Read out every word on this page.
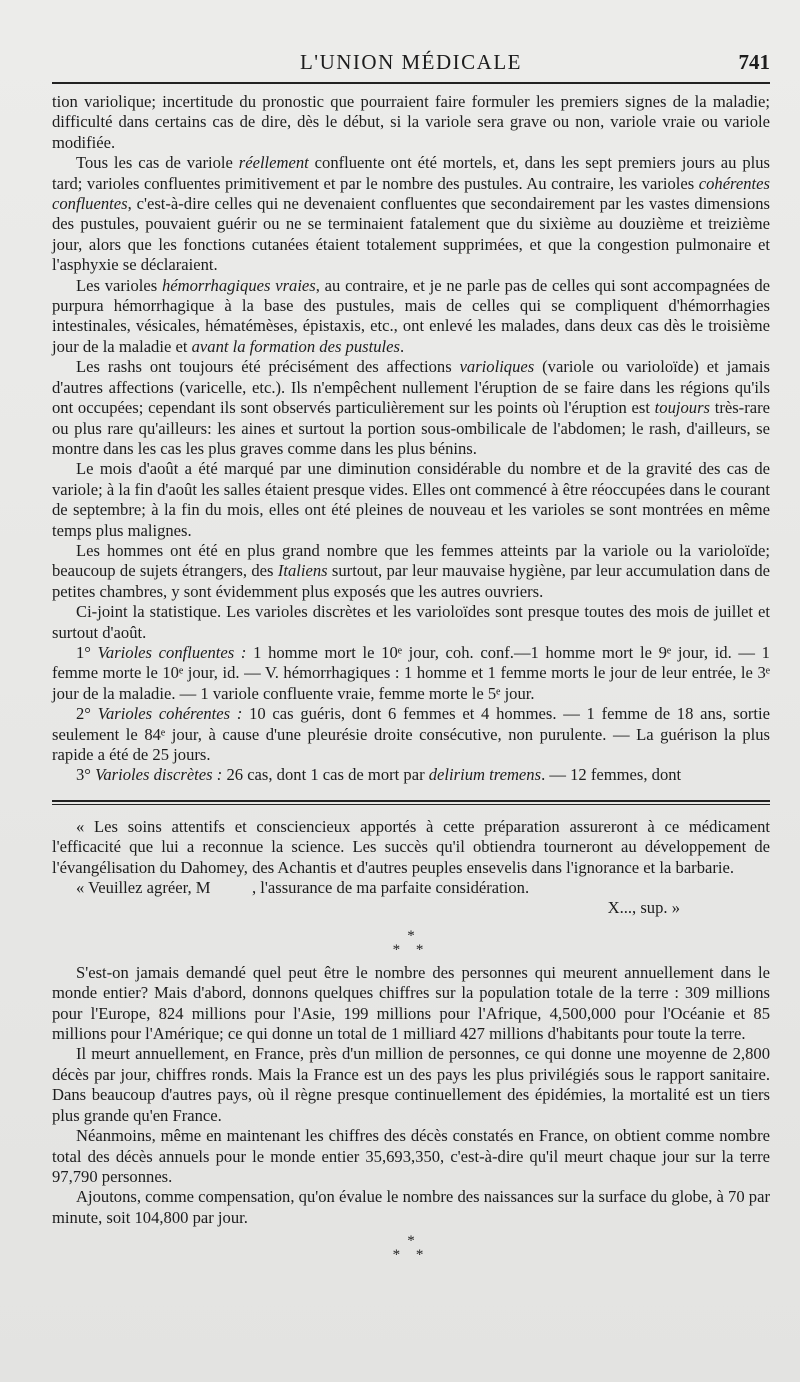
L'UNION MÉDICALE	741

tion variolique; incertitude du pronostic que pourraient faire formuler les premiers signes de la maladie; difficulté dans certains cas de dire, dès le début, si la variole sera grave ou non, variole vraie ou variole modifiée.

Tous les cas de variole réellement confluente ont été mortels, et, dans les sept premiers jours au plus tard; varioles confluentes primitivement et par le nombre des pustules. Au contraire, les varioles cohérentes confluentes, c'est-à-dire celles qui ne devenaient confluentes que secondairement par les vastes dimensions des pustules, pouvaient guérir ou ne se terminaient fatalement que du sixième au douzième et treizième jour, alors que les fonctions cutanées étaient totalement supprimées, et que la congestion pulmonaire et l'asphyxie se déclaraient.

Les varioles hémorrhagiques vraies, au contraire, et je ne parle pas de celles qui sont accompagnées de purpura hémorrhagique à la base des pustules, mais de celles qui se compliquent d'hémorrhagies intestinales, vésicales, hématémèses, épistaxis, etc., ont enlevé les malades, dans deux cas dès le troisième jour de la maladie et avant la formation des pustules.

Les rashs ont toujours été précisément des affections varioliques (variole ou varioloïde) et jamais d'autres affections (varicelle, etc.). Ils n'empêchent nullement l'éruption de se faire dans les régions qu'ils ont occupées; cependant ils sont observés particulièrement sur les points où l'éruption est toujours très-rare ou plus rare qu'ailleurs: les aines et surtout la portion sous-ombilicale de l'abdomen; le rash, d'ailleurs, se montre dans les cas les plus graves comme dans les plus bénins.

Le mois d'août a été marqué par une diminution considérable du nombre et de la gravité des cas de variole; à la fin d'août les salles étaient presque vides. Elles ont commencé à être réoccupées dans le courant de septembre; à la fin du mois, elles ont été pleines de nouveau et les varioles se sont montrées en même temps plus malignes.

Les hommes ont été en plus grand nombre que les femmes atteints par la variole ou la varioloïde; beaucoup de sujets étrangers, des Italiens surtout, par leur mauvaise hygiène, par leur accumulation dans de petites chambres, y sont évidemment plus exposés que les autres ouvriers.

Ci-joint la statistique. Les varioles discrètes et les varioloïdes sont presque toutes des mois de juillet et surtout d'août.

1° Varioles confluentes : 1 homme mort le 10ᵉ jour, coh. conf.—1 homme mort le 9ᵉ jour, id. — 1 femme morte le 10ᵉ jour, id. — V. hémorrhagiques : 1 homme et 1 femme morts le jour de leur entrée, le 3ᵉ jour de la maladie. — 1 variole confluente vraie, femme morte le 5ᵉ jour.

2° Varioles cohérentes : 10 cas guéris, dont 6 femmes et 4 hommes. — 1 femme de 18 ans, sortie seulement le 84ᵉ jour, à cause d'une pleurésie droite consécutive, non purulente. — La guérison la plus rapide a été de 25 jours.

3° Varioles discrètes : 26 cas, dont 1 cas de mort par delirium tremens. — 12 femmes, dont

« Les soins attentifs et consciencieux apportés à cette préparation assureront à ce médicament l'efficacité que lui a reconnue la science. Les succès qu'il obtiendra tourneront au développement de l'évangélisation du Dahomey, des Achantis et d'autres peuples ensevelis dans l'ignorance et la barbarie.

« Veuillez agréer, M          , l'assurance de ma parfaite considération.

X..., sup. »

*
* *

S'est-on jamais demandé quel peut être le nombre des personnes qui meurent annuellement dans le monde entier? Mais d'abord, donnons quelques chiffres sur la population totale de la terre : 309 millions pour l'Europe, 824 millions pour l'Asie, 199 millions pour l'Afrique, 4,500,000 pour l'Océanie et 85 millions pour l'Amérique; ce qui donne un total de 1 milliard 427 millions d'habitants pour toute la terre.

Il meurt annuellement, en France, près d'un million de personnes, ce qui donne une moyenne de 2,800 décès par jour, chiffres ronds. Mais la France est un des pays les plus privilégiés sous le rapport sanitaire. Dans beaucoup d'autres pays, où il règne presque continuellement des épidémies, la mortalité est un tiers plus grande qu'en France.

Néanmoins, même en maintenant les chiffres des décès constatés en France, on obtient comme nombre total des décès annuels pour le monde entier 35,693,350, c'est-à-dire qu'il meurt chaque jour sur la terre 97,790 personnes.

Ajoutons, comme compensation, qu'on évalue le nombre des naissances sur la surface du globe, à 70 par minute, soit 104,800 par jour.

*
* *
